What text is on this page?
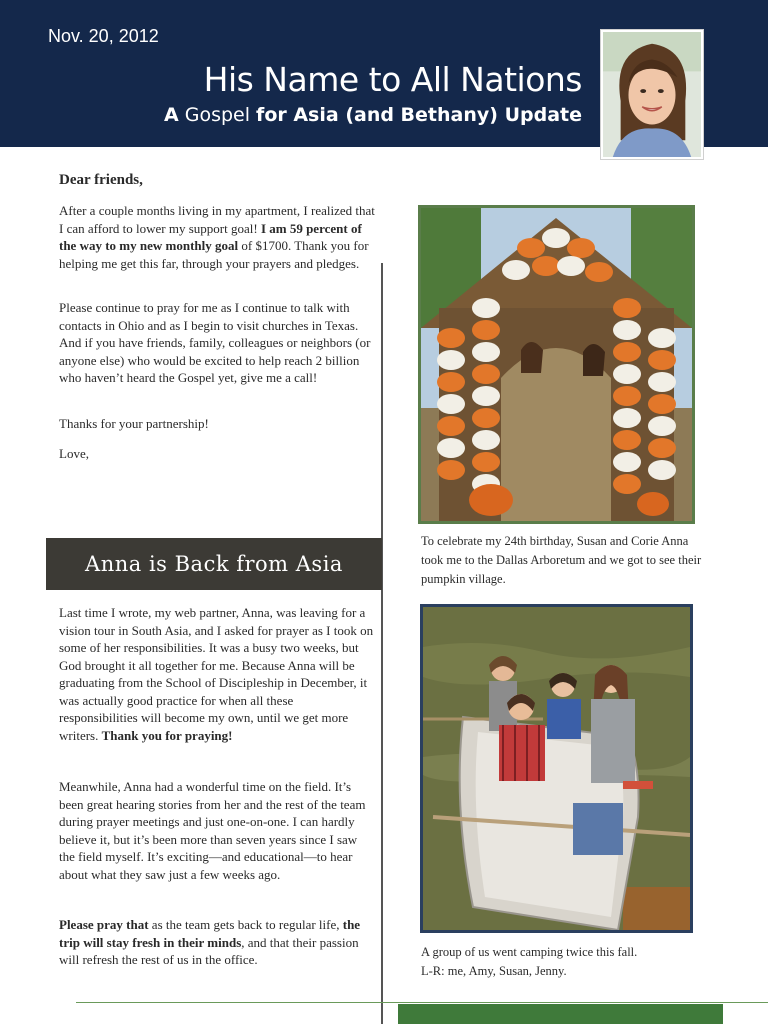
Nov. 20, 2012
His Name to All Nations
A Gospel for Asia (and Bethany) Update
Dear friends,

After a couple months living in my apartment, I realized that I can afford to lower my support goal! I am 59 percent of the way to my new monthly goal of $1700. Thank you for helping me get this far, through your prayers and pledges.

Please continue to pray for me as I continue to talk with contacts in Ohio and as I begin to visit churches in Texas. And if you have friends, family, colleagues or neighbors (or anyone else) who would be excited to help reach 2 billion who haven’t heard the Gospel yet, give me a call!
Thanks for your partnership!
Love,
Anna is Back from Asia

Last time I wrote, my web partner, Anna, was leaving for a vision tour in South Asia, and I asked for prayer as I took on some of her responsibilities. It was a busy two weeks, but God brought it all together for me. Because Anna will be graduating from the School of Discipleship in December, it was actually good practice for when all these responsibilities will become my own, until we get more writers. Thank you for praying!

Meanwhile, Anna had a wonderful time on the field. It’s been great hearing stories from her and the rest of the team during prayer meetings and just one-on-one. I can hardly believe it, but it’s been more than seven years since I saw the field myself. It’s exciting—and educational—to hear about what they saw just a few weeks ago.

Please pray that as the team gets back to regular life, the trip will stay fresh in their minds, and that their passion will refresh the rest of us in the office.

To celebrate my 24th birthday, Susan and Corie Anna took me to the Dallas Arboretum and we got to see their pumpkin village.
A group of us went camping twice this fall.
L-R: me, Amy, Susan, Jenny.
